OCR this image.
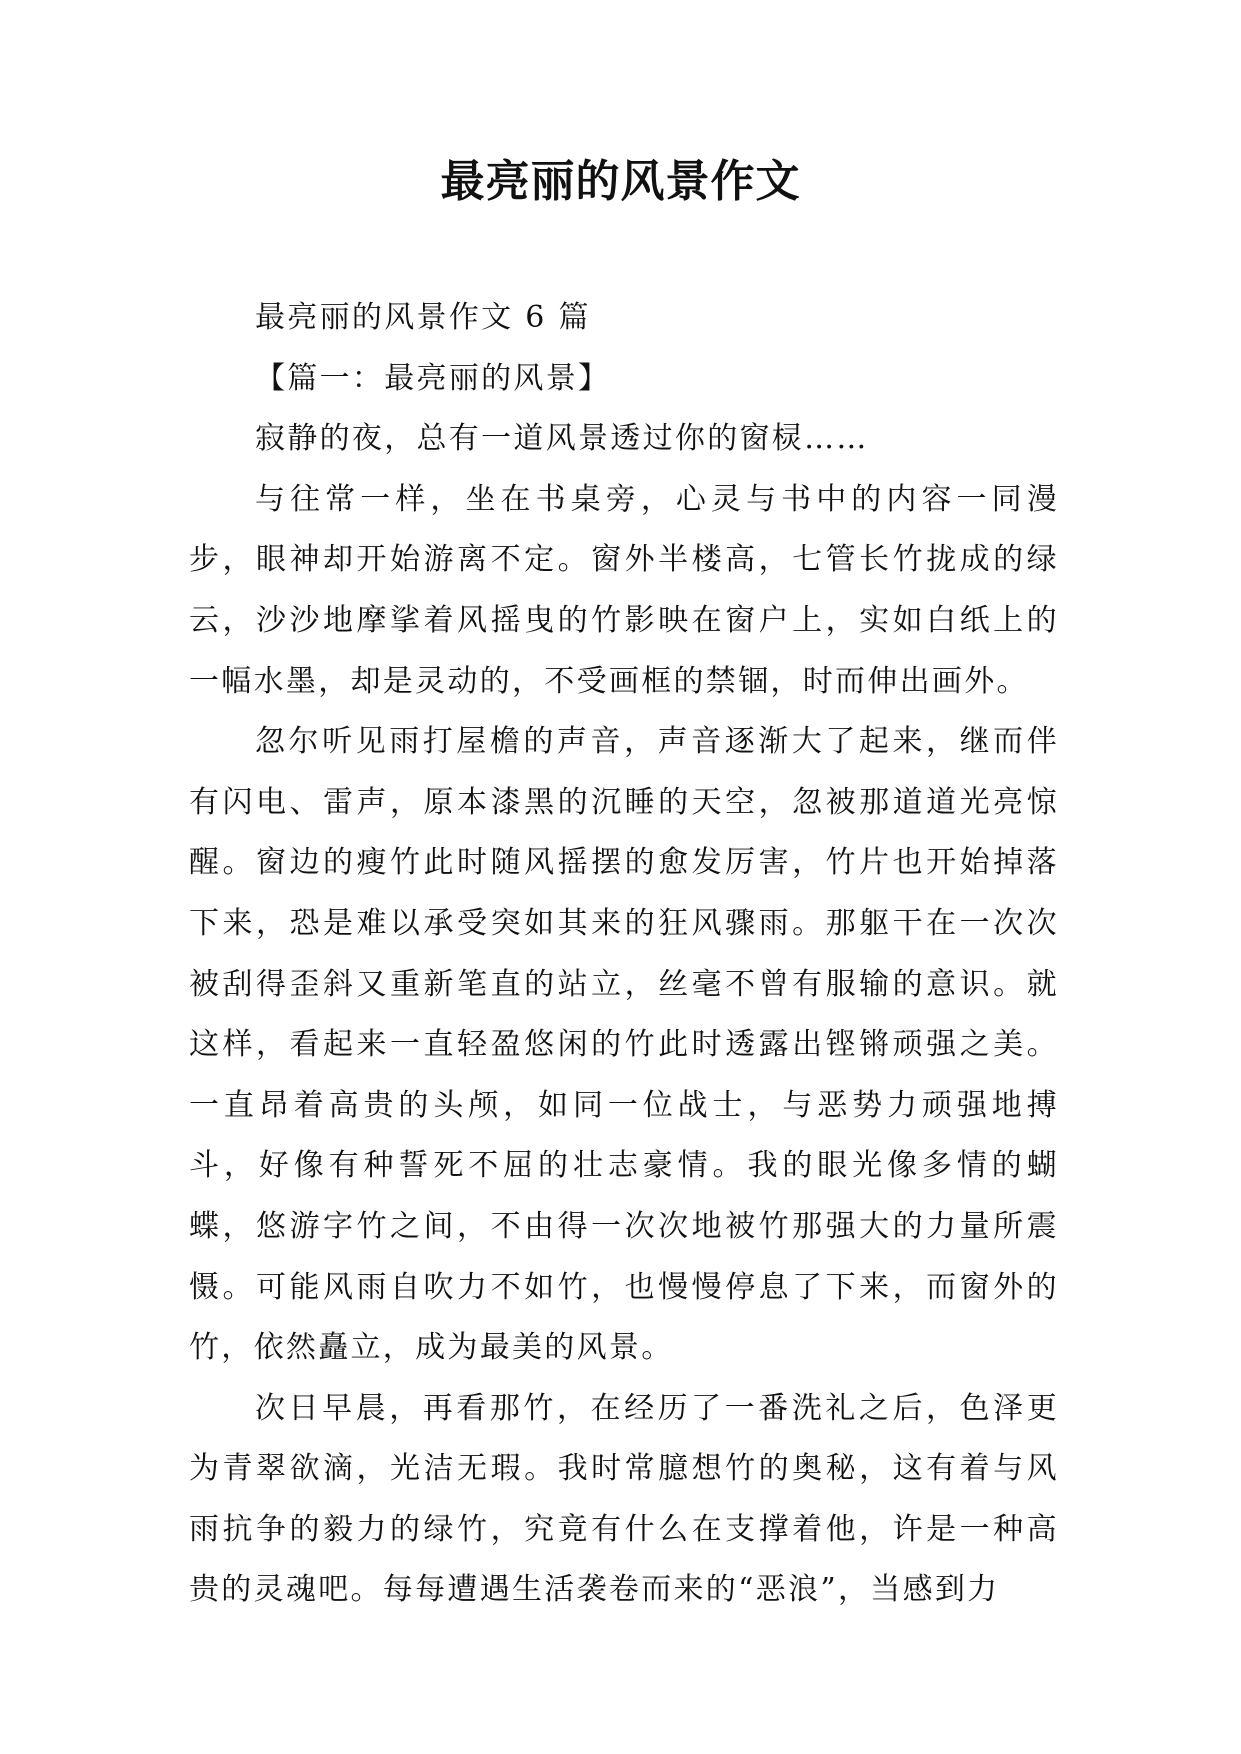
最亮丽的风景作文

最亮丽的风景作文 6 篇

【篇一：最亮丽的风景】

寂静的夜，总有一道风景透过你的窗棂……

与往常一样，坐在书桌旁，心灵与书中的内容一同漫步，眼神却开始游离不定。窗外半楼高，七管长竹拢成的绿云，沙沙地摩挲着风摇曳的竹影映在窗户上，实如白纸上的一幅水墨，却是灵动的，不受画框的禁锢，时而伸出画外。

忽尔听见雨打屋檐的声音，声音逐渐大了起来，继而伴有闪电、雷声，原本漆黑的沉睡的天空，忽被那道道光亮惊醒。窗边的瘦竹此时随风摇摆的愈发厉害，竹片也开始掉落下来，恐是难以承受突如其来的狂风骤雨。那躯干在一次次被刮得歪斜又重新笔直的站立，丝毫不曾有服输的意识。就这样，看起来一直轻盈悠闲的竹此时透露出铿锵顽强之美。一直昂着高贵的头颅，如同一位战士，与恶势力顽强地搏斗，好像有种誓死不屈的壮志豪情。我的眼光像多情的蝴蝶，悠游字竹之间，不由得一次次地被竹那强大的力量所震慑。可能风雨自吹力不如竹，也慢慢停息了下来，而窗外的竹，依然矗立，成为最美的风景。

次日早晨，再看那竹，在经历了一番洗礼之后，色泽更为青翠欲滴，光洁无瑕。我时常臆想竹的奥秘，这有着与风雨抗争的毅力的绿竹，究竟有什么在支撑着他，许是一种高贵的灵魂吧。每每遭遇生活袭卷而来的“恶浪”，当感到力
